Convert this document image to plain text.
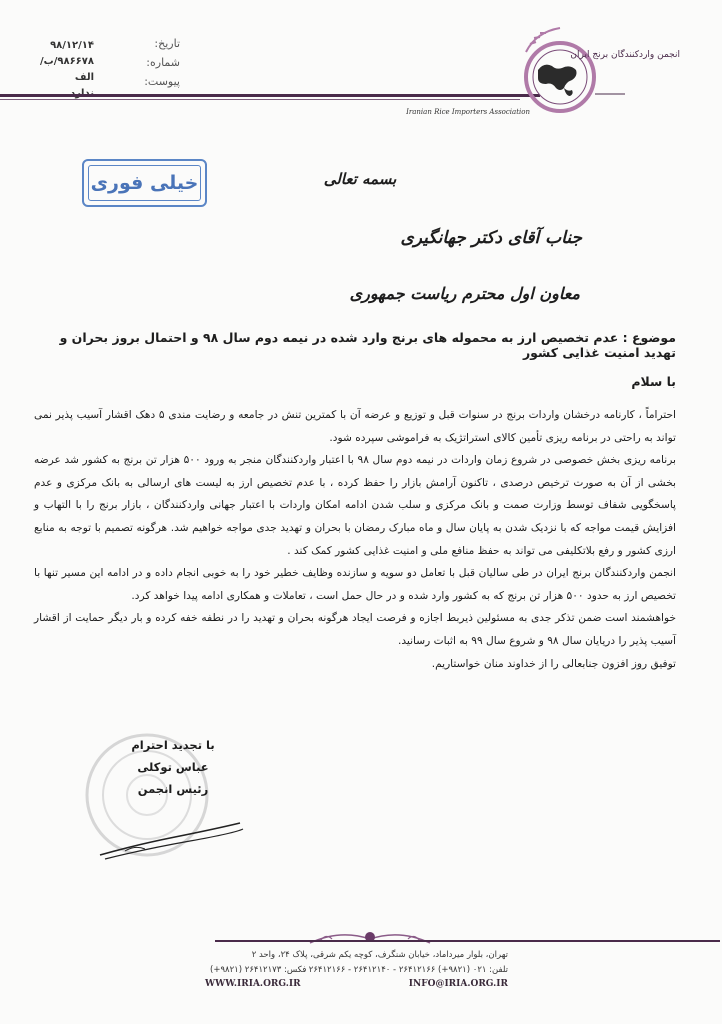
تاریخ:
شماره:
پیوست:
۹۸/۱۲/۱۴
۹۸۶۶۷۸/ب/الف
انجمن واردکنندگان برنج ایران
Iranian Rice Importers Association
خیلی فوری	بسمه تعالی
جناب آقای دکتر جهانگیری
معاون اول محترم ریاست جمهوری
موضوع : عدم تخصیص ارز به محموله های برنج وارد شده در نیمه دوم سال ۹۸ و احتمال بروز بحران و تهدید امنیت غذایی کشور
با سلام

احتراماً ، کارنامه درخشان واردات برنج در سنوات قبل و توزیع و عرضه آن با کمترین تنش در جامعه و رضایت مندی ۵ دهک اقشار آسیب پذیر نمی تواند به راحتی در برنامه ریزی تأمین کالای استراتژیک به فراموشی سپرده شود.

برنامه ریزی بخش خصوصی در شروع زمان واردات در نیمه دوم سال ۹۸ با اعتبار واردکنندگان منجر به ورود ۵۰۰ هزار تن برنج به کشور شد عرضه بخشی از آن به صورت ترخیص درصدی ، تاکنون آرامش بازار را حفظ کرده ، با عدم تخصیص ارز به لیست های ارسالی به بانک مرکزی و عدم پاسخگویی شفاف توسط وزارت صمت و بانک مرکزی و سلب شدن ادامه امکان واردات با اعتبار جهانی واردکنندگان ، بازار برنج را با التهاب و افزایش قیمت مواجه که با نزدیک شدن به پایان سال و ماه مبارک رمضان با بحران و تهدید جدی مواجه خواهیم شد. هرگونه تصمیم با توجه به منابع ارزی کشور و رفع بلاتکلیفی می تواند به حفظ منافع ملی و امنیت غذایی کشور کمک کند .

انجمن واردکنندگان برنج ایران در طی سالیان قبل با تعامل دو سویه و سازنده وظایف خطیر خود را به خوبی انجام داده و در ادامه این مسیر تنها با تخصیص ارز به حدود ۵۰۰ هزار تن برنج که به کشور وارد شده و در حال حمل است ، تعاملات و همکاری ادامه پیدا خواهد کرد.

خواهشمند است ضمن تذکر جدی به مسئولین ذیربط اجازه و فرصت ایجاد هرگونه بحران و تهدید را در نطفه خفه کرده و بار دیگر حمایت از اقشار آسیب پذیر را دریایان سال ۹۸ و شروع سال ۹۹ به اثبات رسانید.

توفیق روز افزون جنابعالی را از خداوند منان خواستاریم.

با تجدید احترام
عباس توکلی
رئیس انجمن
تهران، بلوار میرداماد، خیابان شنگرف، کوچه یکم شرقی، پلاک ۲۴، واحد ۲
تلفن: ۰۲۱ (۹۸۲۱+) ۲۶۴۱۲۱۶۶ - ۲۶۴۱۲۱۴۰ - ۲۶۴۱۲۱۶۶
فکس: ۲۶۴۱۲۱۷۳ (۹۸۲۱+)
WWW.IRIA.ORG.IR	INFO@IRIA.ORG.IR
